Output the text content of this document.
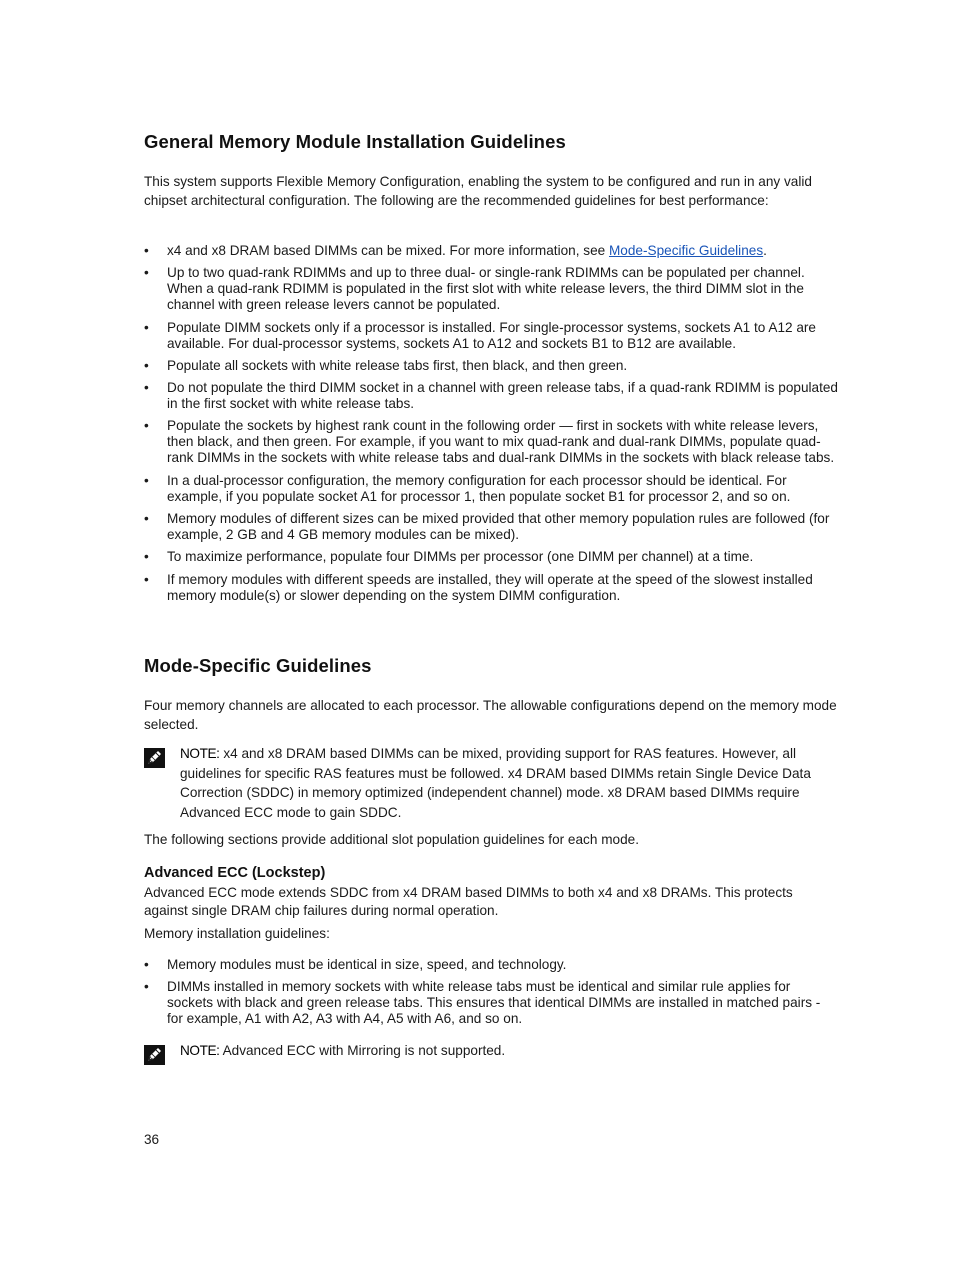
General Memory Module Installation Guidelines

This system supports Flexible Memory Configuration, enabling the system to be configured and run in any valid chipset architectural configuration. The following are the recommended guidelines for best performance:

• x4 and x8 DRAM based DIMMs can be mixed. For more information, see Mode-Specific Guidelines.
• Up to two quad-rank RDIMMs and up to three dual- or single-rank RDIMMs can be populated per channel. When a quad-rank RDIMM is populated in the first slot with white release levers, the third DIMM slot in the channel with green release levers cannot be populated.
• Populate DIMM sockets only if a processor is installed. For single-processor systems, sockets A1 to A12 are available. For dual-processor systems, sockets A1 to A12 and sockets B1 to B12 are available.
• Populate all sockets with white release tabs first, then black, and then green.
• Do not populate the third DIMM socket in a channel with green release tabs, if a quad-rank RDIMM is populated in the first socket with white release tabs.
• Populate the sockets by highest rank count in the following order — first in sockets with white release levers, then black, and then green. For example, if you want to mix quad-rank and dual-rank DIMMs, populate quad-rank DIMMs in the sockets with white release tabs and dual-rank DIMMs in the sockets with black release tabs.
• In a dual-processor configuration, the memory configuration for each processor should be identical. For example, if you populate socket A1 for processor 1, then populate socket B1 for processor 2, and so on.
• Memory modules of different sizes can be mixed provided that other memory population rules are followed (for example, 2 GB and 4 GB memory modules can be mixed).
• To maximize performance, populate four DIMMs per processor (one DIMM per channel) at a time.
• If memory modules with different speeds are installed, they will operate at the speed of the slowest installed memory module(s) or slower depending on the system DIMM configuration.
Mode-Specific Guidelines

Four memory channels are allocated to each processor. The allowable configurations depend on the memory mode selected.

NOTE: x4 and x8 DRAM based DIMMs can be mixed, providing support for RAS features. However, all guidelines for specific RAS features must be followed. x4 DRAM based DIMMs retain Single Device Data Correction (SDDC) in memory optimized (independent channel) mode. x8 DRAM based DIMMs require Advanced ECC mode to gain SDDC.

The following sections provide additional slot population guidelines for each mode.

Advanced ECC (Lockstep)

Advanced ECC mode extends SDDC from x4 DRAM based DIMMs to both x4 and x8 DRAMs. This protects against single DRAM chip failures during normal operation.

Memory installation guidelines:

• Memory modules must be identical in size, speed, and technology.
• DIMMs installed in memory sockets with white release tabs must be identical and similar rule applies for sockets with black and green release tabs. This ensures that identical DIMMs are installed in matched pairs - for example, A1 with A2, A3 with A4, A5 with A6, and so on.
NOTE: Advanced ECC with Mirroring is not supported.
36
